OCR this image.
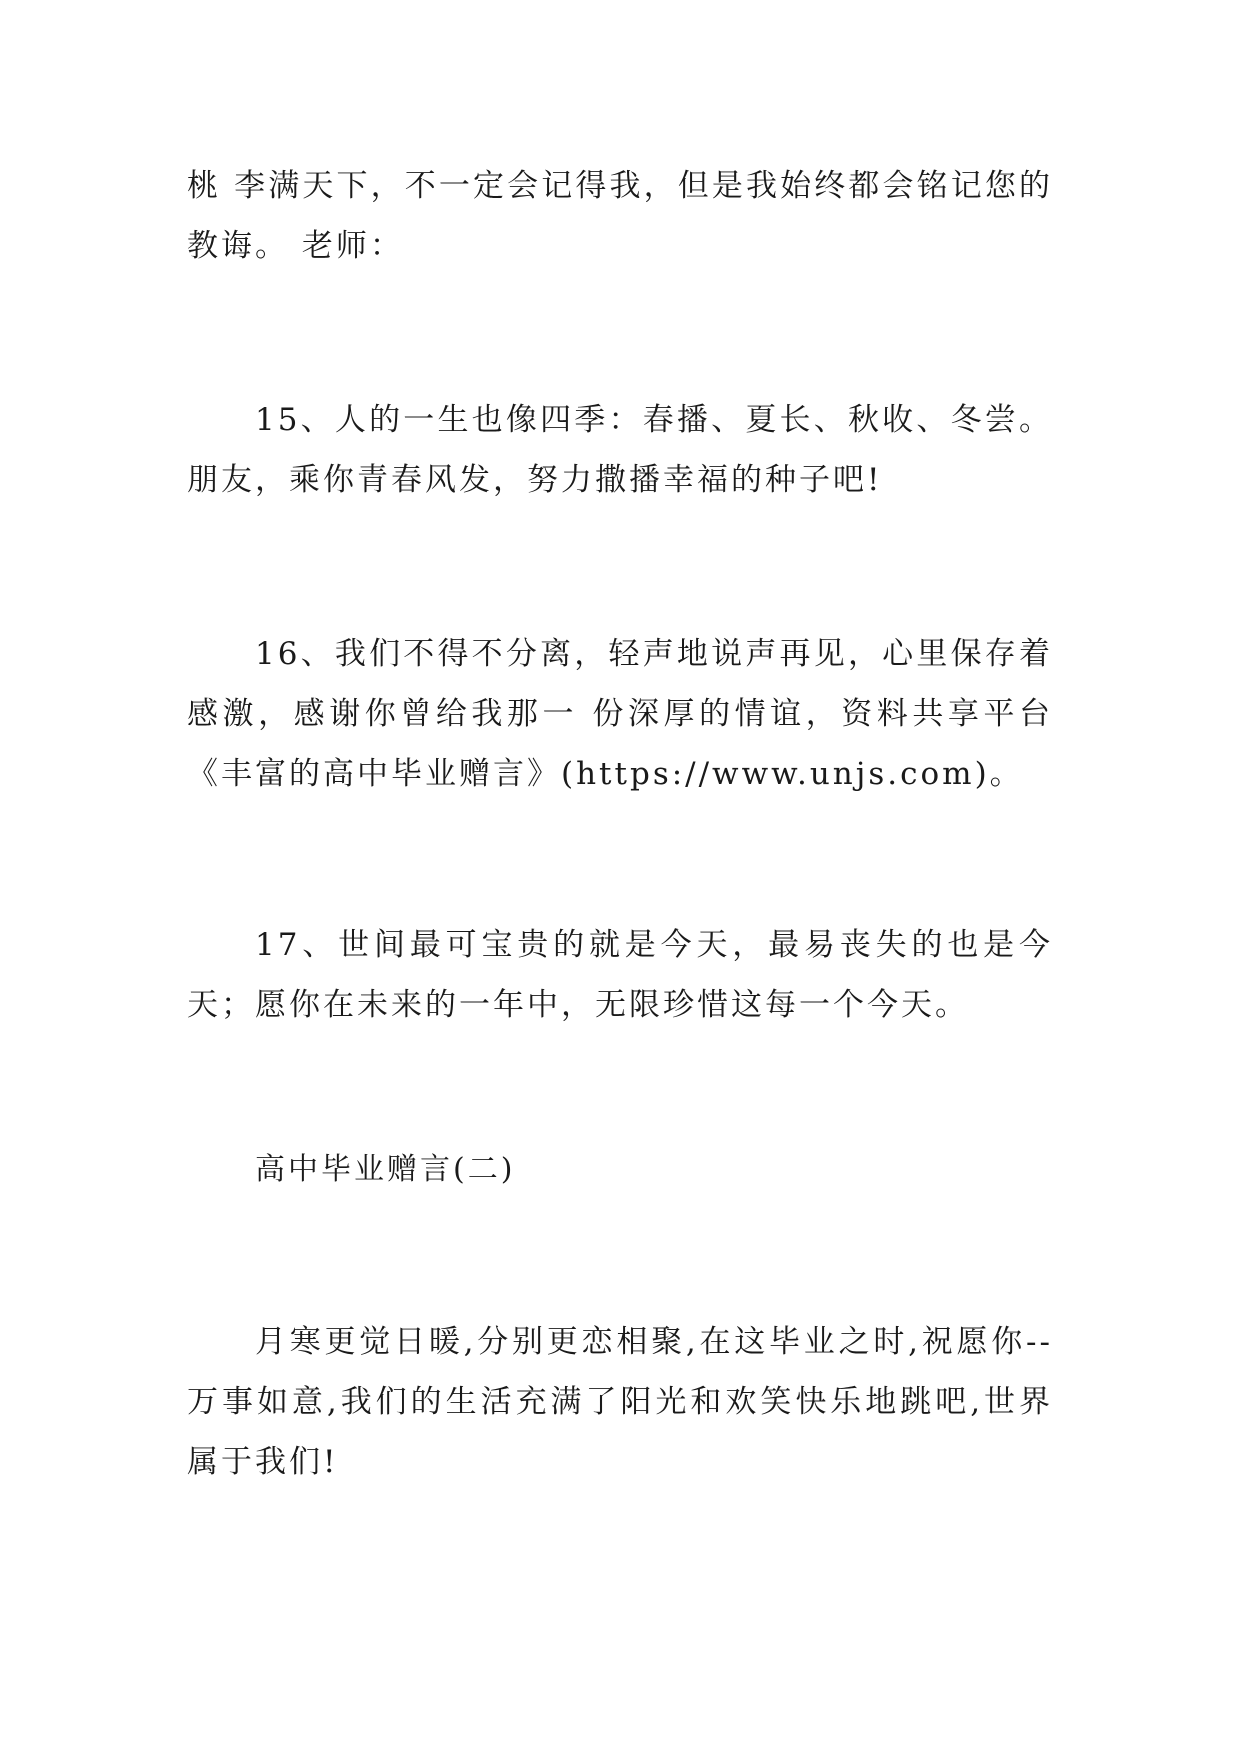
桃 李满天下，不一定会记得我，但是我始终都会铭记您的教诲。 老师：

15、人的一生也像四季：春播、夏长、秋收、冬尝。朋友，乘你青春风发，努力撒播幸福的种子吧!

16、我们不得不分离，轻声地说声再见，心里保存着感激，感谢你曾给我那一 份深厚的情谊，资料共享平台《丰富的高中毕业赠言》(https://www.unjs.com)。

17、世间最可宝贵的就是今天，最易丧失的也是今天；愿你在未来的一年中，无限珍惜这每一个今天。

高中毕业赠言(二)

月寒更觉日暖,分别更恋相聚,在这毕业之时,祝愿你--万事如意,我们的生活充满了阳光和欢笑快乐地跳吧,世界属于我们!
